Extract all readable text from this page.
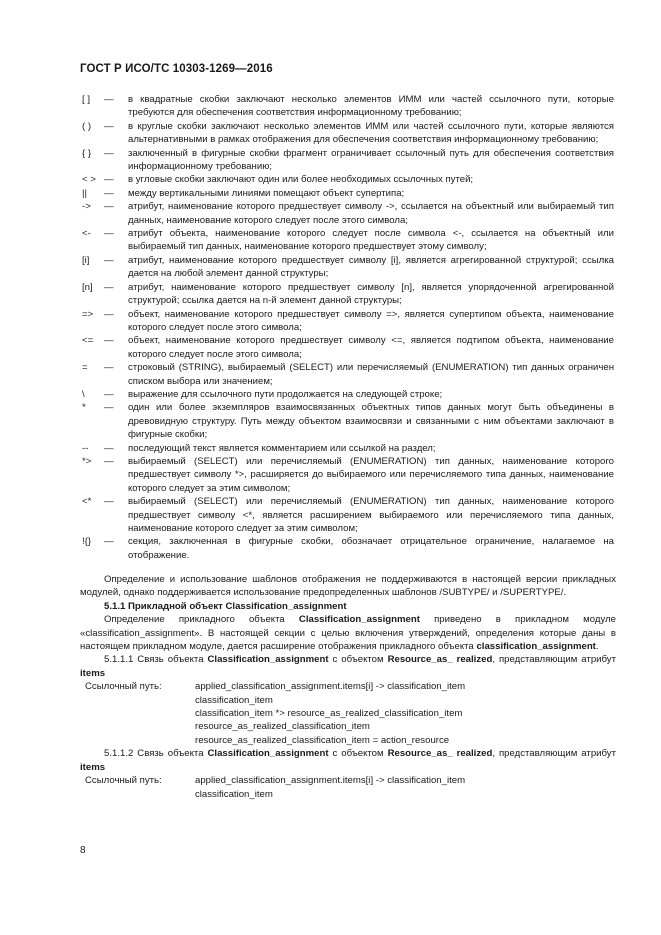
ГОСТ Р ИСО/ТС 10303-1269—2016
[ ]	—	в квадратные скобки заключают несколько элементов ИММ или частей ссылочного пути, которые требуются для обеспечения соответствия информационному требованию;
( )	—	в круглые скобки заключают несколько элементов ИММ или частей ссылочного пути, которые являются альтернативными в рамках отображения для обеспечения соответствия информационному требованию;
{ }	—	заключенный в фигурные скобки фрагмент ограничивает ссылочный путь для обеспечения соответствия информационному требованию;
< > —	в угловые скобки заключают один или более необходимых ссылочных путей;
||	—	между вертикальными линиями помещают объект супертипа;
->	—	атрибут, наименование которого предшествует символу ->, ссылается на объектный или выбираемый тип данных, наименование которого следует после этого символа;
<-	—	атрибут объекта, наименование которого следует после символа <-, ссылается на объектный или выбираемый тип данных, наименование которого предшествует этому символу;
[i]	—	атрибут, наименование которого предшествует символу [i], является агрегированной структурой; ссылка дается на любой элемент данной структуры;
[n]	—	атрибут, наименование которого предшествует символу [n], является упорядоченной агрегированной структурой; ссылка дается на n-й элемент данной структуры;
=>	—	объект, наименование которого предшествует символу =>, является супертипом объекта, наименование которого следует после этого символа;
<=	—	объект, наименование которого предшествует символу <=, является подтипом объекта, наименование которого следует после этого символа;
=	—	строковый (STRING), выбираемый (SELECT) или перечисляемый (ENUMERATION) тип данных ограничен списком выбора или значением;
\	—	выражение для ссылочного пути продолжается на следующей строке;
*	—	один или более экземпляров взаимосвязанных объектных типов данных могут быть объединены в древовидную структуру. Путь между объектом взаимосвязи и связанными с ним объектами заключают в фигурные скобки;
--	—	последующий текст является комментарием или ссылкой на раздел;
*>	—	выбираемый (SELECT) или перечисляемый (ENUMERATION) тип данных, наименование которого предшествует символу *>, расширяется до выбираемого или перечисляемого типа данных, наименование которого следует за этим символом;
<*	—	выбираемый (SELECT) или перечисляемый (ENUMERATION) тип данных, наименование которого предшествует символу <*, является расширением выбираемого или перечисляемого типа данных, наименование которого следует за этим символом;
!{}	—	секция, заключенная в фигурные скобки, обозначает отрицательное ограничение, налагаемое на отображение.

Определение и использование шаблонов отображения не поддерживаются в настоящей версии прикладных модулей, однако поддерживается использование предопределенных шаблонов /SUBTYPE/ и /SUPERTYPE/.

5.1.1 Прикладной объект Classification_assignment

Определение прикладного объекта Classification_assignment приведено в прикладном модуле «classification_assignment». В настоящей секции с целью включения утверждений, определения которые даны в настоящем прикладном модуле, дается расширение отображения прикладного объекта classification_assignment.

5.1.1.1 Связь объекта Classification_assignment с объектом Resource_as_ realized, представляющим атрибут items

Ссылочный путь:	applied_classification_assignment.items[i] -> classification_item
classification_item
classification_item *> resource_as_realized_classification_item
resource_as_realized_classification_item
resource_as_realized_classification_item = action_resource

5.1.1.2 Связь объекта Classification_assignment с объектом Resource_as_ realized, представляющим атрибут items

Ссылочный путь:	applied_classification_assignment.items[i] -> classification_item
classification_item
8
